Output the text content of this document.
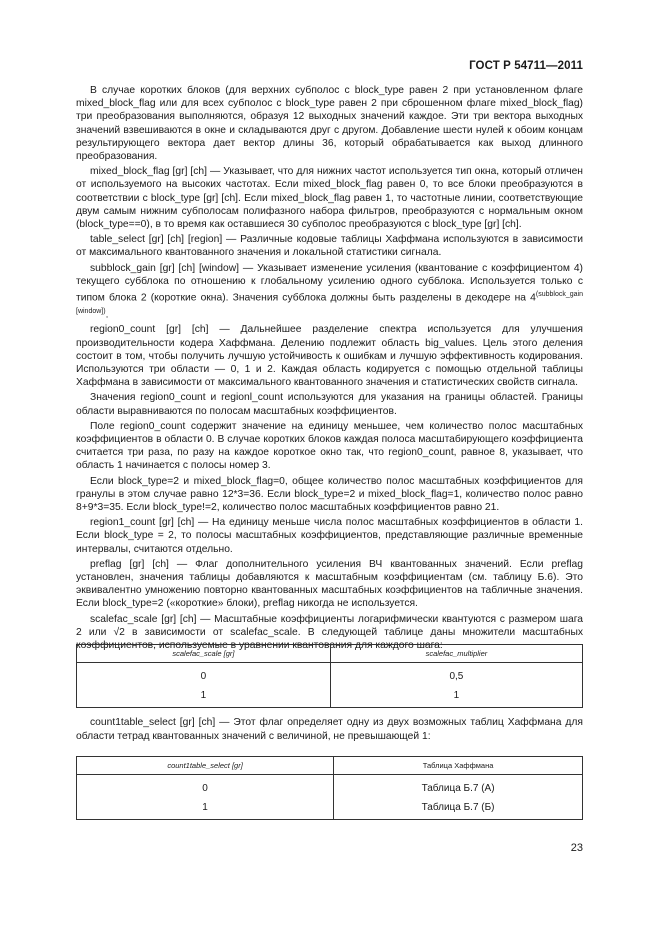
ГОСТ Р 54711—2011

В случае коротких блоков (для верхних субполос с block_type равен 2 при установленном флаге mixed_block_flag или для всех субполос с block_type равен 2 при сброшенном флаге mixed_block_flag) три преобразования выполняются, образуя 12 выходных значений каждое. Эти три вектора выходных значений взвешиваются в окне и складываются друг с другом. Добавление шести нулей к обоим концам результирующего вектора дает вектор длины 36, который обрабатывается как выход длинного преобразования.

mixed_block_flag [gr] [ch] — Указывает, что для нижних частот используется тип окна, который отличен от используемого на высоких частотах. Если mixed_block_flag равен 0, то все блоки преобразуются в соответствии с block_type [gr] [ch]. Если mixed_block_flag равен 1, то частотные линии, соответствующие двум самым нижним субполосам полифазного набора фильтров, преобразуются с нормальным окном (block_type==0), в то время как оставшиеся 30 субполос преобразуются с block_type [gr] [ch].

table_select [gr] [ch] [region] — Различные кодовые таблицы Хаффмана используются в зависимости от максимального квантованного значения и локальной статистики сигнала.

subblock_gain [gr] [ch] [window] — Указывает изменение усиления (квантование с коэффициентом 4) текущего субблока по отношению к глобальному усилению одного субблока. Используется только с типом блока 2 (короткие окна). Значения субблока должны быть разделены в декодере на $4^{(subblock\_gain [window])}$.

region0_count [gr] [ch] — Дальнейшее разделение спектра используется для улучшения производительности кодера Хаффмана. Делению подлежит область big_values. Цель этого деления состоит в том, чтобы получить лучшую устойчивость к ошибкам и лучшую эффективность кодирования. Используются три области — 0, 1 и 2. Каждая область кодируется с помощью отдельной таблицы Хаффмана в зависимости от максимального квантованного значения и статистических свойств сигнала.

Значения region0_count и regionl_count используются для указания на границы областей. Границы области выравниваются по полосам масштабных коэффициентов.

Поле region0_count содержит значение на единицу меньшее, чем количество полос масштабных коэффициентов в области 0. В случае коротких блоков каждая полоса масштабирующего коэффициента считается три раза, по разу на каждое короткое окно так, что region0_count, равное 8, указывает, что область 1 начинается с полосы номер 3.

Если block_type=2 и mixed_block_flag=0, общее количество полос масштабных коэффициентов для гранулы в этом случае равно 12*3=36. Если block_type=2 и mixed_block_flag=1, количество полос равно 8+9*3=35. Если block_type!=2, количество полос масштабных коэффициентов равно 21.

region1_count [gr] [ch] — На единицу меньше числа полос масштабных коэффициентов в области 1. Если block_type = 2, то полосы масштабных коэффициентов, представляющие различные временные интервалы, считаются отдельно.

preflag [gr] [ch] — Флаг дополнительного усиления ВЧ квантованных значений. Если preflag установлен, значения таблицы добавляются к масштабным коэффициентам (см. таблицу Б.6). Это эквивалентно умножению повторно квантованных масштабных коэффициентов на табличные значения. Если block_type=2 («короткие» блоки), preflag никогда не используется.

scalefac_scale [gr] [ch] — Масштабные коэффициенты логарифмически квантуются с размером шага 2 или √2 в зависимости от scalefac_scale. В следующей таблице даны множители масштабных коэффициентов, используемые в уравнении квантования для каждого шага:

scalefac_scale [gr]	scalefac_multiplier
0	0,5
1	1

count1table_select [gr] [ch] — Этот флаг определяет одну из двух возможных таблиц Хаффмана для области тетрад квантованных значений с величиной, не превышающей 1:

count1table_select [gr]	Таблица Хаффмана
0	Таблица Б.7 (А)
1	Таблица Б.7 (Б)
23
